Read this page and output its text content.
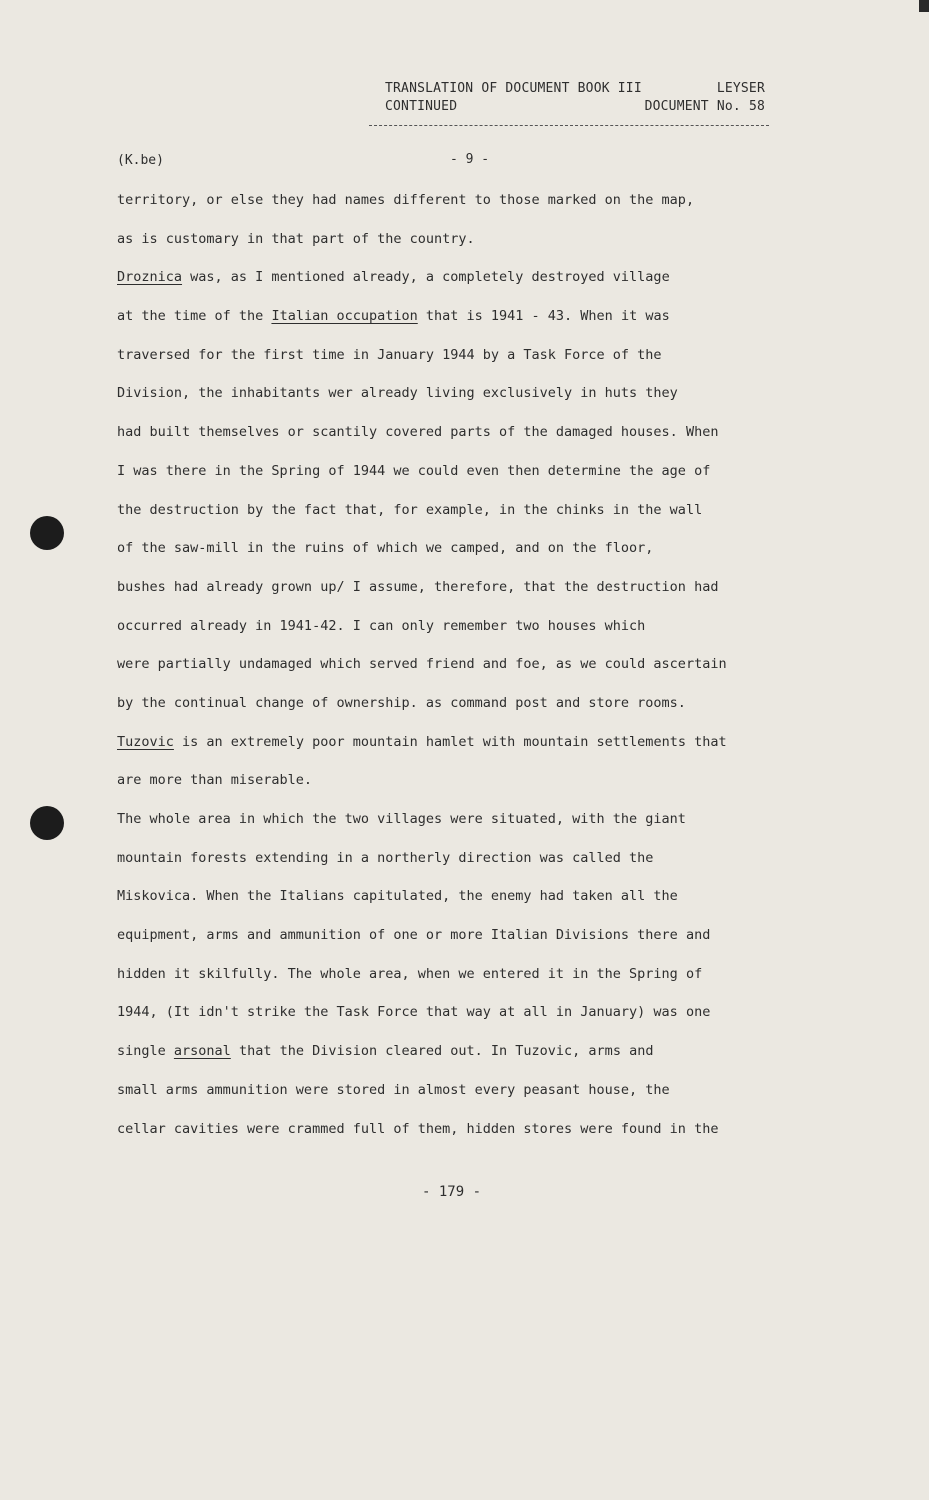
TRANSLATION OF DOCUMENT BOOK III	LEYSER
CONTINUED	DOCUMENT No. 58
(K.be)	- 9 -
territory, or else they had names different to those marked on the map,
as is customary in that part of the country.
Droznica was, as I mentioned already, a completely destroyed village
at the time of the Italian occupation that is 1941 - 43. When it was
traversed for the first time in January 1944 by a Task Force of the
Division, the inhabitants wer already living exclusively in huts they
had built themselves or scantily covered parts of the damaged houses. When
I was there in the Spring of 1944 we could even then determine the age of
the destruction by the fact that, for example, in the chinks in the wall
of the saw-mill in the ruins of which we camped, and on the floor,
bushes had already grown up/ I assume, therefore, that the destruction had
occurred already in 1941-42. I can only remember two houses which
were partially undamaged which served friend and foe, as we could ascertain
by the continual change of ownership. as command post and store rooms.
Tuzovic is an extremely poor mountain hamlet with mountain settlements that
are more than miserable.
The whole area in which the two villages were situated, with the giant
mountain forests extending in a northerly direction was called the
Miskovica. When the Italians capitulated, the enemy had taken all the
equipment, arms and ammunition of one or more Italian Divisions there and
hidden it skilfully. The whole area, when we entered it in the Spring of
1944, (It idn't strike the Task Force that way at all in January) was one
single arsonal that the Division cleared out. In Tuzovic, arms and
small arms ammunition were stored in almost every peasant house, the
cellar cavities were crammed full of them, hidden stores were found in the
- 179 -
